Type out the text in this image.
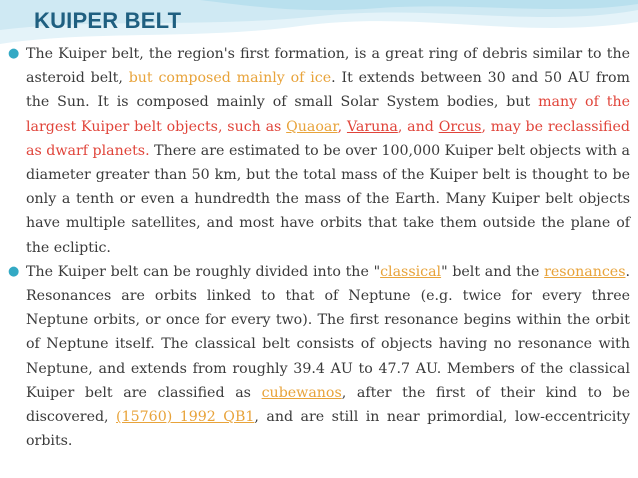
KUIPER BELT
● The Kuiper belt, the region's first formation, is a great ring of debris similar to the asteroid belt, but composed mainly of ice. It extends between 30 and 50 AU from the Sun. It is composed mainly of small Solar System bodies, but many of the largest Kuiper belt objects, such as Quaoar, Varuna, and Orcus, may be reclassified as dwarf planets. There are estimated to be over 100,000 Kuiper belt objects with a diameter greater than 50 km, but the total mass of the Kuiper belt is thought to be only a tenth or even a hundredth the mass of the Earth. Many Kuiper belt objects have multiple satellites, and most have orbits that take them outside the plane of the ecliptic.
● The Kuiper belt can be roughly divided into the "classical" belt and the resonances. Resonances are orbits linked to that of Neptune (e.g. twice for every three Neptune orbits, or once for every two). The first resonance begins within the orbit of Neptune itself. The classical belt consists of objects having no resonance with Neptune, and extends from roughly 39.4 AU to 47.7 AU. Members of the classical Kuiper belt are classified as cubewanos, after the first of their kind to be discovered, (15760) 1992 QB1, and are still in near primordial, low-eccentricity orbits.
